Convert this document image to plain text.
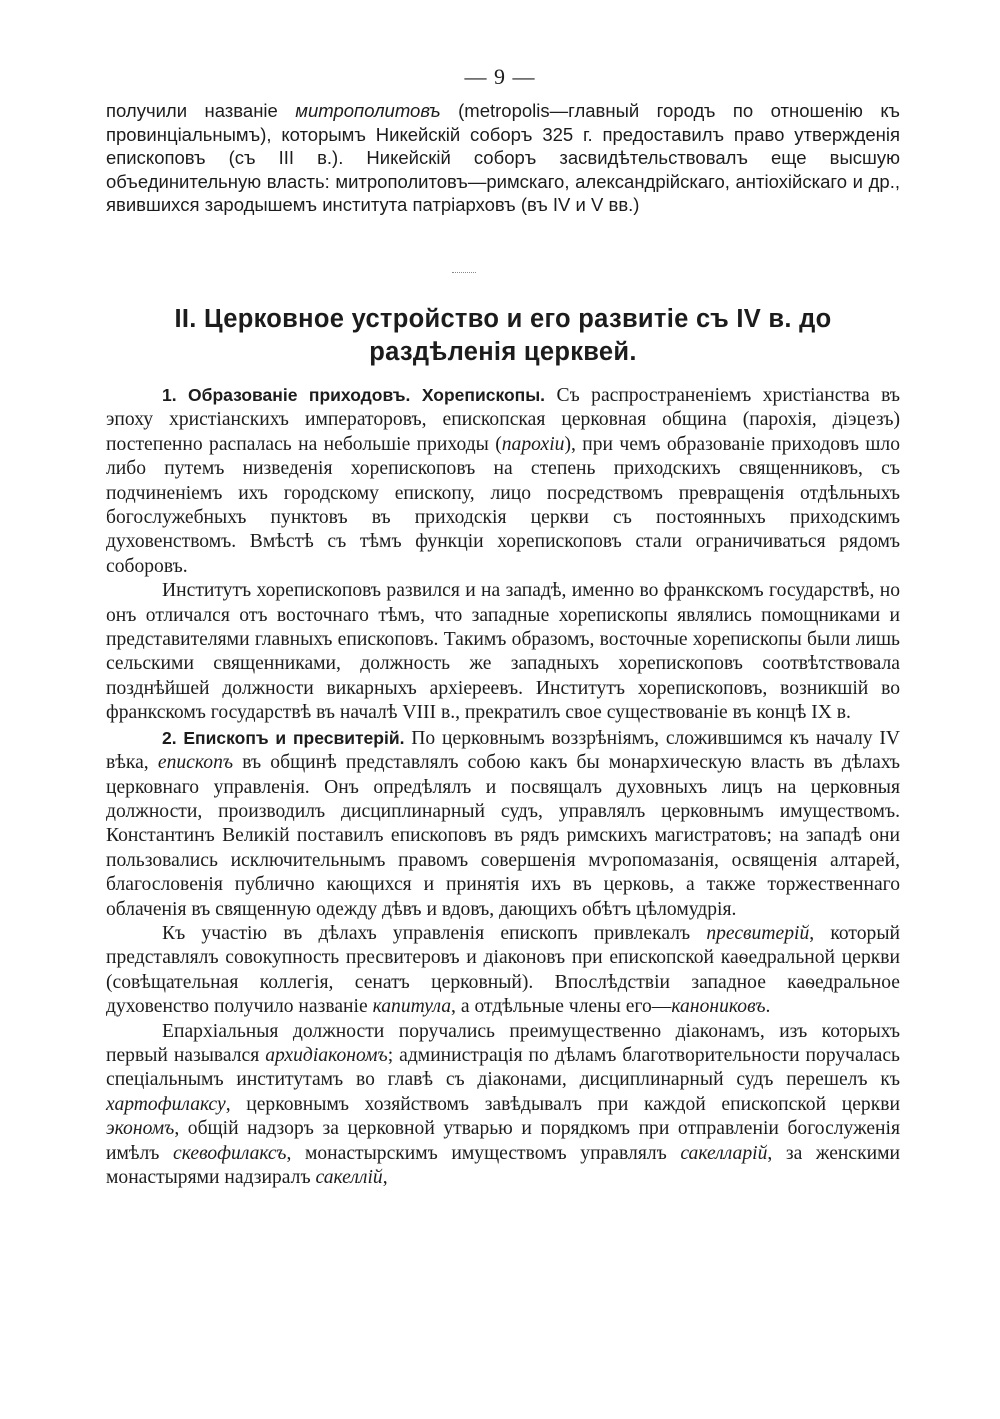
— 9 —

получили названіе митрополитовъ (metropolis—главный городъ по отношенію къ провинціальнымъ), которымъ Никейскій соборъ 325 г. предоставилъ право утвержденія епископовъ (съ III в.). Никейскій соборъ засвидѣтельствовалъ еще высшую объединительную власть: митрополитовъ—римскаго, александрійскаго, антіохійскаго и др., явившихся зародышемъ института патріарховъ (въ IV и V вв.)

II. Церковное устройство и его развитіе съ IV в. до раздѣленія церквей.

1. Образованіе приходовъ. Хорепископы. Съ распространеніемъ христіанства въ эпоху христіанскихъ императоровъ, епископская церковная община (парохія, діэцезъ) постепенно распалась на небольшіе приходы (парохіи), при чемъ образованіе приходовъ шло либо путемъ низведенія хорепископовъ на степень приходскихъ священниковъ, съ подчиненіемъ ихъ городскому епископу, лицо посредствомъ превращенія отдѣльныхъ богослужебныхъ пунктовъ въ приходскія церкви съ постоянныхъ приходскимъ духовенствомъ. Вмѣстѣ съ тѣмъ функціи хорепископовъ стали ограничиваться рядомъ соборовъ.

Институтъ хорепископовъ развился и на западѣ, именно во франкскомъ государствѣ, но онъ отличался отъ восточнаго тѣмъ, что западные хорепископы являлись помощниками и представителями главныхъ епископовъ. Такимъ образомъ, восточные хорепископы были лишь сельскими священниками, должность же западныхъ хорепископовъ соотвѣтствовала позднѣйшей должности викарныхъ архіереевъ. Институтъ хорепископовъ, возникшій во франкскомъ государствѣ въ началѣ VIII в., прекратилъ свое существованіе въ концѣ IX в.

2. Епископъ и пресвитерій. По церковнымъ воззрѣніямъ, сложившимся къ началу IV вѣка, епископъ въ общинѣ представлялъ собою какъ бы монархическую власть въ дѣлахъ церковнаго управленія. Онъ опредѣлялъ и посвящалъ духовныхъ лицъ на церковныя должности, производилъ дисциплинарный судъ, управлялъ церковнымъ имуществомъ. Константинъ Великій поставилъ епископовъ въ рядъ римскихъ магистратовъ; на западѣ они пользовались исключительнымъ правомъ совершенія мѵропомазанія, освященія алтарей, благословенія публично кающихся и принятія ихъ въ церковь, а также торжественнаго облаченія въ священную одежду дѣвъ и вдовъ, дающихъ обѣтъ цѣломудрія.

Къ участію въ дѣлахъ управленія епископъ привлекалъ пресвитерій, который представлялъ совокупность пресвитеровъ и діаконовъ при епископской каѳедральной церкви (совѣщательная коллегія, сенатъ церковный). Впослѣдствіи западное каѳедральное духовенство получило названіе капитула, а отдѣльные члены его—канониковъ.

Епархіальныя должности поручались преимущественно діаконамъ, изъ которыхъ первый назывался архидіакономъ; администрація по дѣламъ благотворительности поручалась спеціальнымъ институтамъ во главѣ съ діаконами, дисциплинарный судъ перешелъ къ хартофилаксу, церковнымъ хозяйствомъ завѣдывалъ при каждой епископской церкви экономъ, общій надзоръ за церковной утварью и порядкомъ при отправленіи богослуженія имѣлъ скевофилаксъ, монастырскимъ имуществомъ управлялъ сакелларій, за женскими монастырями надзиралъ сакеллій,
